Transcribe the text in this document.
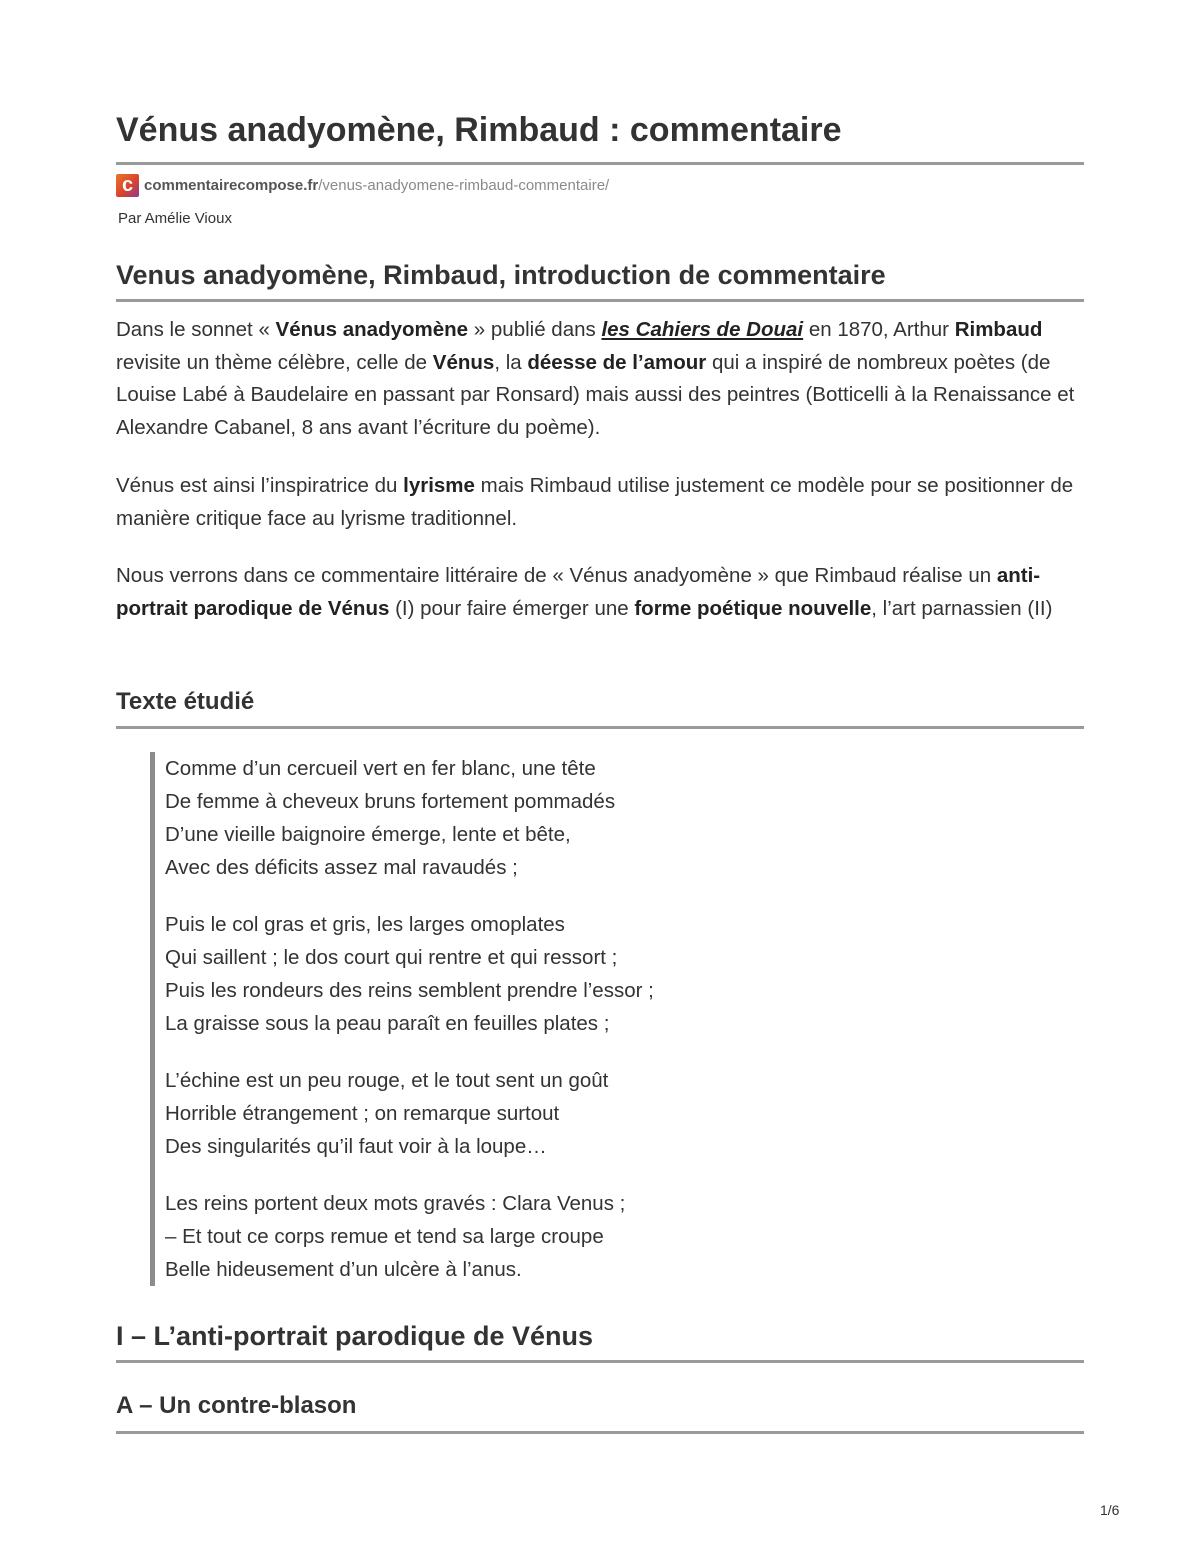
Vénus anadyomène, Rimbaud : commentaire
c commentairecompose.fr /venus-anadyomene-rimbaud-commentaire/
Par Amélie Vioux
Venus anadyomène, Rimbaud, introduction de commentaire

Dans le sonnet « Vénus anadyomène » publié dans les Cahiers de Douai en 1870, Arthur Rimbaud revisite un thème célèbre, celle de Vénus, la déesse de l’amour qui a inspiré de nombreux poètes (de Louise Labé à Baudelaire en passant par Ronsard) mais aussi des peintres (Botticelli à la Renaissance et Alexandre Cabanel, 8 ans avant l’écriture du poème).

Vénus est ainsi l’inspiratrice du lyrisme mais Rimbaud utilise justement ce modèle pour se positionner de manière critique face au lyrisme traditionnel.

Nous verrons dans ce commentaire littéraire de « Vénus anadyomène » que Rimbaud réalise un anti-portrait parodique de Vénus (I) pour faire émerger une forme poétique nouvelle, l’art parnassien (II)

Texte étudié
Comme d’un cercueil vert en fer blanc, une tête
De femme à cheveux bruns fortement pommadés
D’une vieille baignoire émerge, lente et bête,
Avec des déficits assez mal ravaudés ;
Puis le col gras et gris, les larges omoplates
Qui saillent ; le dos court qui rentre et qui ressort ;
Puis les rondeurs des reins semblent prendre l’essor ;
La graisse sous la peau paraît en feuilles plates ;
L’échine est un peu rouge, et le tout sent un goût
Horrible étrangement ; on remarque surtout
Des singularités qu’il faut voir à la loupe…
Les reins portent deux mots gravés : Clara Venus ;
– Et tout ce corps remue et tend sa large croupe
Belle hideusement d’un ulcère à l’anus.
I – L’anti-portrait parodique de Vénus
A – Un contre-blason
1/6
